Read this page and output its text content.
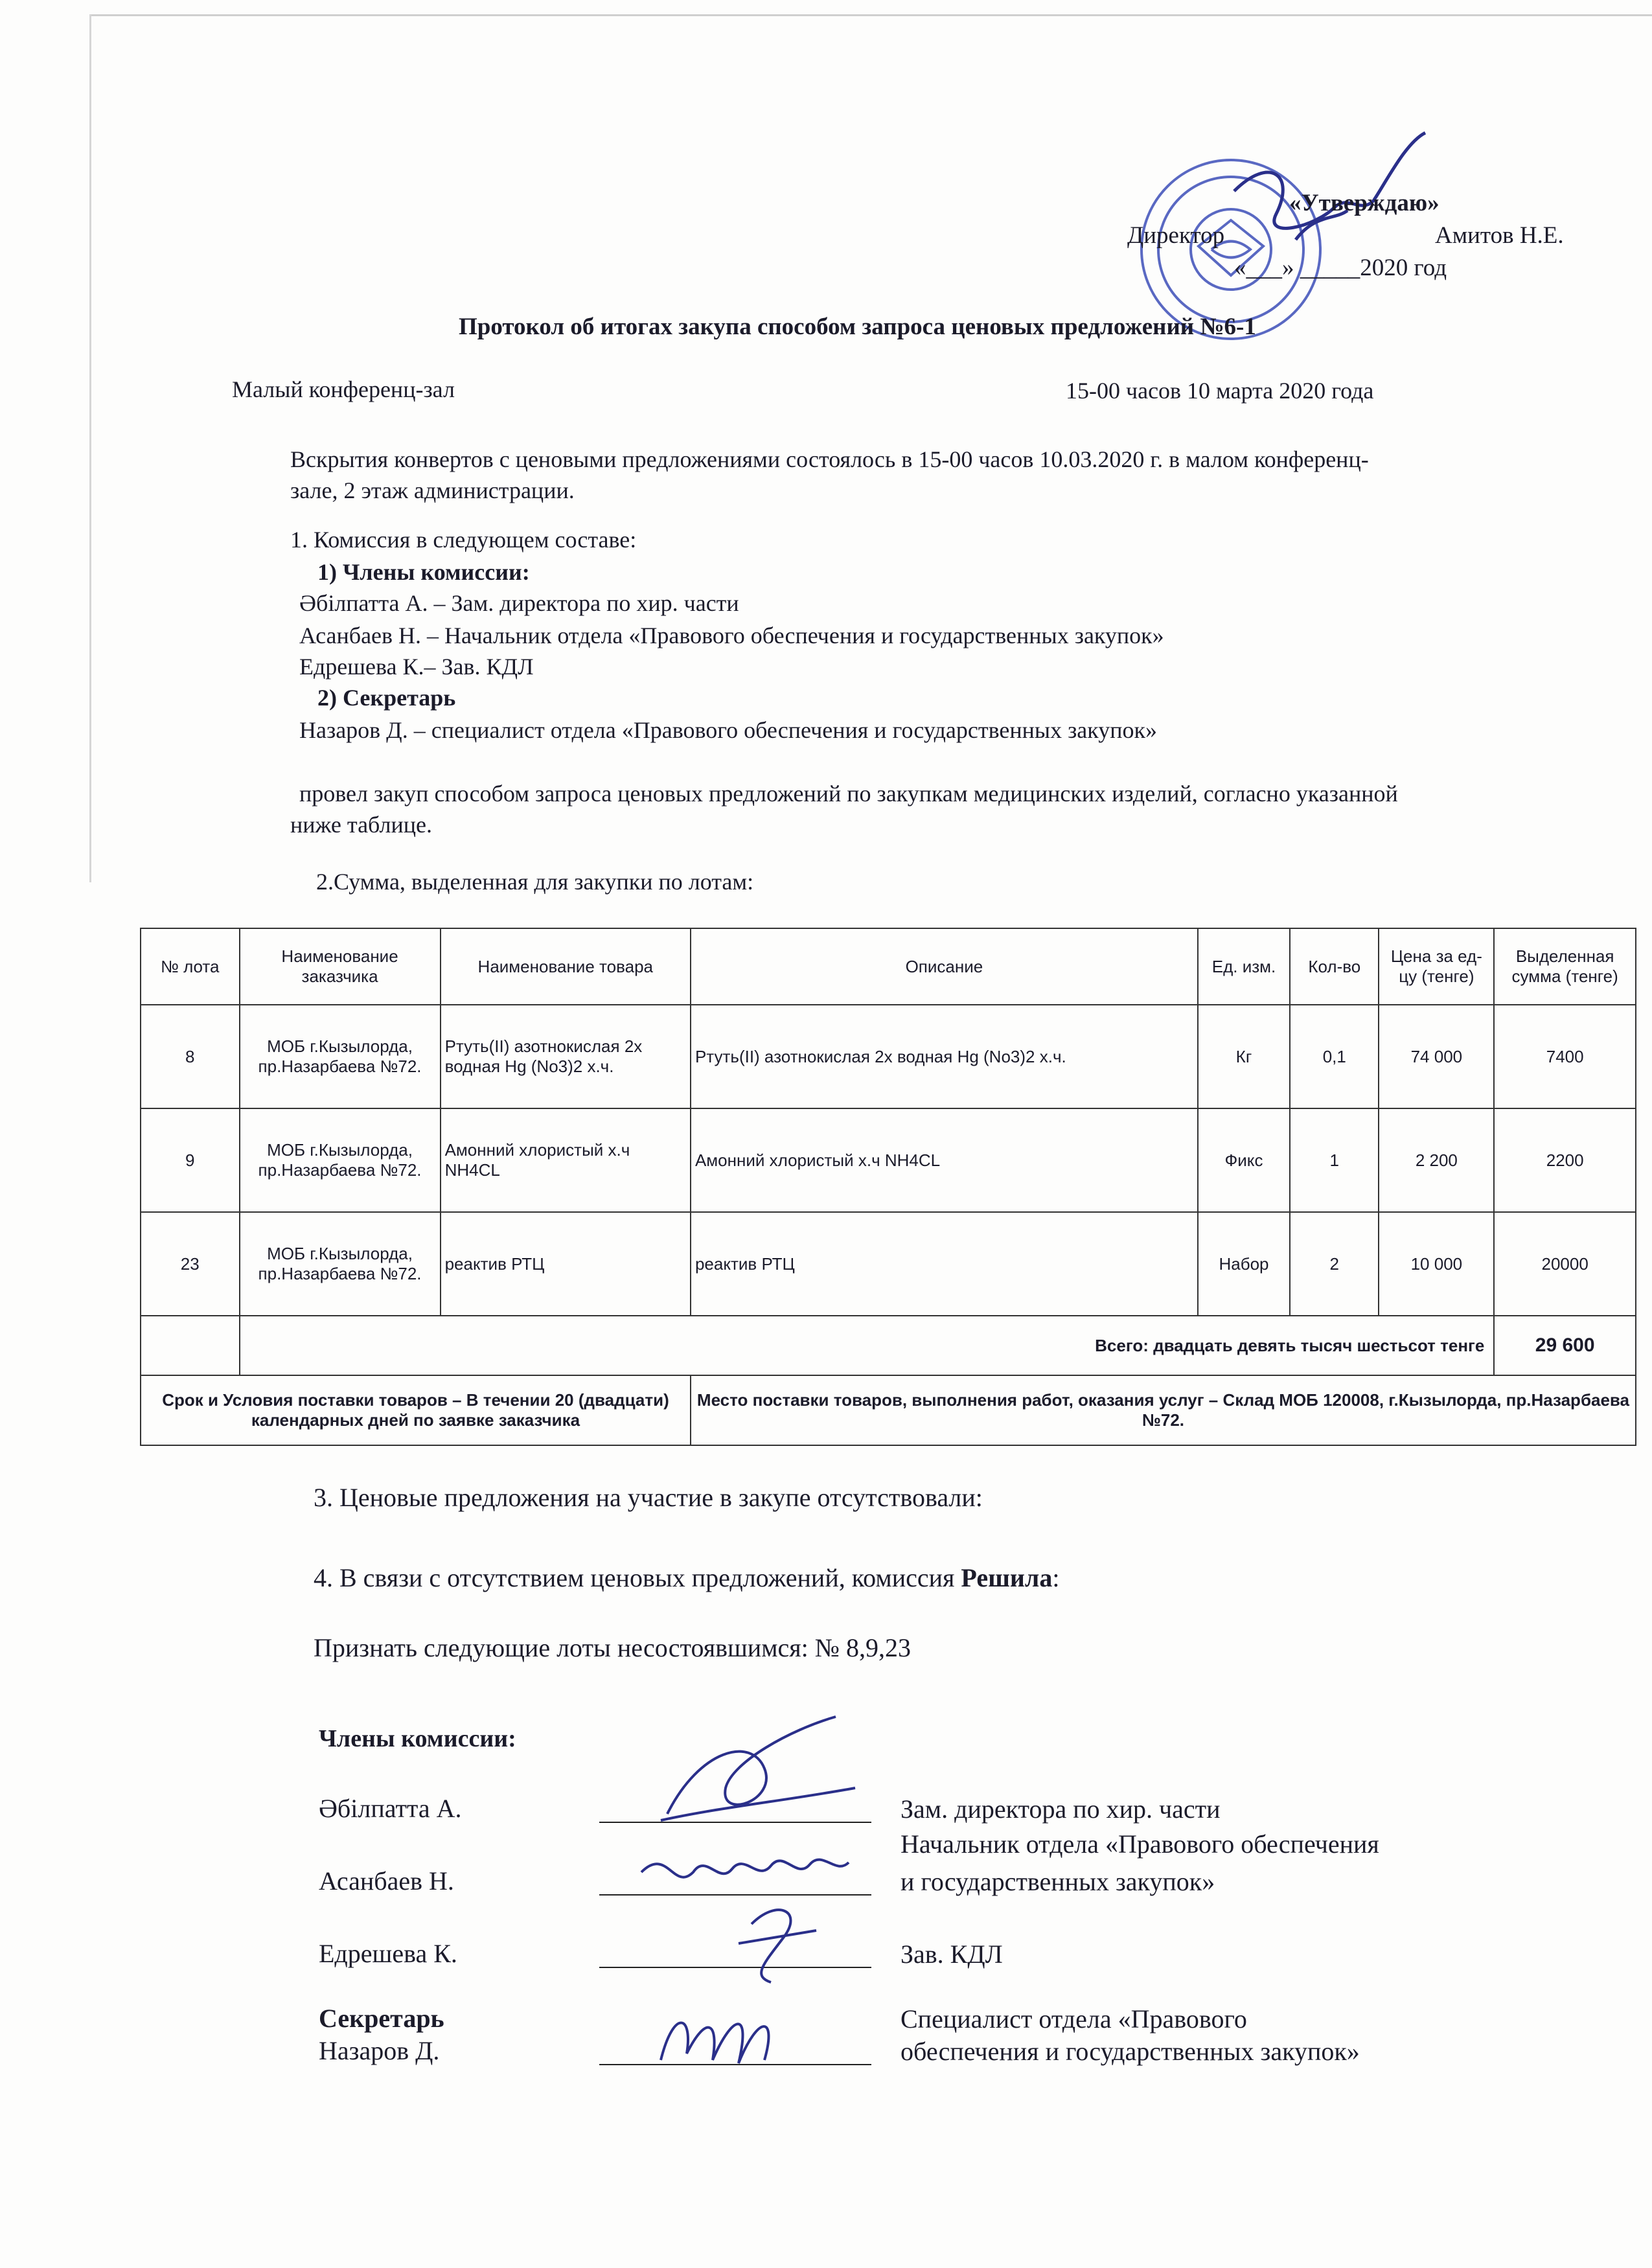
«Утверждаю»
Директор	Амитов Н.Е.
«___» _____2020 год
Протокол об итогах закупа способом запроса ценовых предложений №6-1
Малый конференц-зал	15-00 часов 10 марта 2020 года
Вскрытия конвертов с ценовыми предложениями состоялось в 15-00 часов 10.03.2020 г. в малом конференц-
зале, 2 этаж администрации.
1. Комиссия в следующем составе:
1) Члены комиссии:
Әбілпатта А. – Зам. директора по хир. части
Асанбаев Н. – Начальник отдела «Правового обеспечения и государственных закупок»
Едрешева К.– Зав. КДЛ
2) Секретарь
Назаров Д. – специалист отдела «Правового обеспечения и государственных закупок»
провел закуп способом запроса ценовых предложений по закупкам медицинских изделий, согласно указанной
ниже таблице.
2.Сумма, выделенная для закупки по лотам:
№ лота	Наименование заказчика	Наименование товара	Описание	Ед. изм.	Кол-во	Цена за ед-цу (тенге)	Выделенная сумма (тенге)
8	МОБ г.Кызылорда, пр.Назарбаева №72.	Ртуть(II) азотнокислая 2х водная Hg (No3)2 х.ч.	Ртуть(II) азотнокислая 2х водная Hg (No3)2 х.ч.	Кг	0,1	74 000	7400
9	МОБ г.Кызылорда, пр.Назарбаева №72.	Амонний хлористый х.ч NH4CL	Амонний хлористый х.ч NH4CL	Фикс	1	2 200	2200
23	МОБ г.Кызылорда, пр.Назарбаева №72.	реактив РТЦ	реактив РТЦ	Набор	2	10 000	20000
	Всего: двадцать девять тысяч шестьсот тенге						29 600
Срок и Условия поставки товаров – В течении 20 (двадцати) календарных дней по заявке заказчика			Место поставки товаров, выполнения работ, оказания услуг – Склад МОБ 120008, г.Кызылорда, пр.Назарбаева №72.				
3. Ценовые предложения на участие в закупе отсутствовали:
4. В связи с отсутствием ценовых предложений, комиссия Решила:
Признать следующие лоты несостоявшимся: № 8,9,23
Члены комиссии:
Әбілпатта А.	Зам. директора по хир. части
Асанбаев Н.
Начальник отдела «Правового обеспечения
и государственных закупок»
Едрешева К.	Зав. КДЛ
Секретарь
Назаров Д.
Специалист отдела «Правового
обеспечения и государственных закупок»
